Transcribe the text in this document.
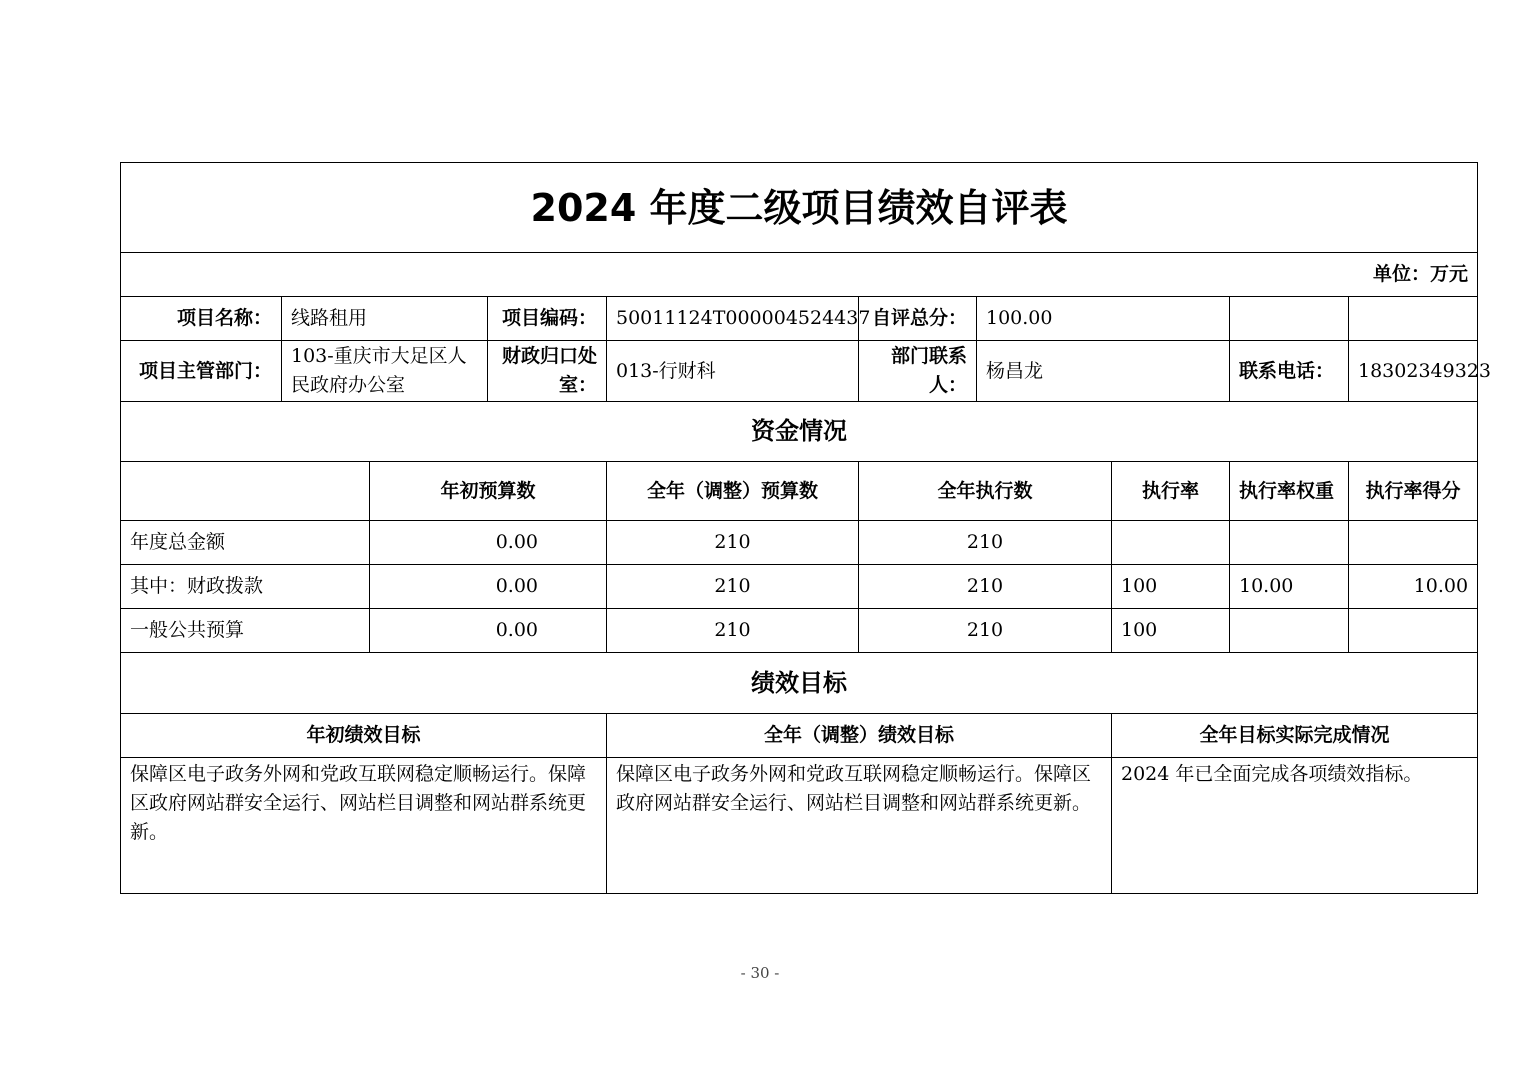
2024 年度二级项目绩效自评表									
单位：万元									
项目名称：	线路租用		项目编码：	50011124T000004524437	自评总分：	100.00			
项目主管部门：	103-重庆市大足区人民政府办公室		财政归口处室：	013-行财科	部门联系人：	杨昌龙		联系电话：	18302349323
资金情况									
		年初预算数		全年（调整）预算数	全年执行数		执行率	执行率权重	执行率得分
年度总金额		0.00		210	210				
其中：财政拨款		0.00		210	210		100	10.00	10.00
一般公共预算		0.00		210	210		100		
绩效目标									
年初绩效目标				全年（调整）绩效目标			全年目标实际完成情况		
保障区电子政务外网和党政互联网稳定顺畅运行。保障区政府网站群安全运行、网站栏目调整和网站群系统更新。				保障区电子政务外网和党政互联网稳定顺畅运行。保障区政府网站群安全运行、网站栏目调整和网站群系统更新。			2024 年已全面完成各项绩效指标。		
- 30 -
